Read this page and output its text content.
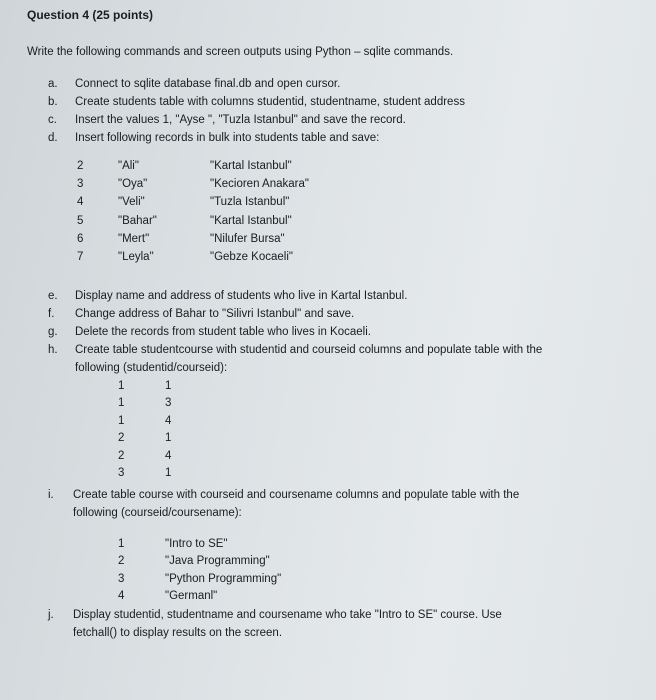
Question 4 (25 points)
Write the following commands and screen outputs using Python – sqlite commands.
a. Connect to sqlite database final.db and open cursor.
b. Create students table with columns studentid, studentname, student address
c. Insert the values 1, "Ayse ", "Tuzla Istanbul" and save the record.
d. Insert following records in bulk into students table and save:
2	"Ali"	"Kartal Istanbul"
3	"Oya"	"Kecioren Anakara"
4	"Veli"	"Tuzla Istanbul"
5	"Bahar"	"Kartal Istanbul"
6	"Mert"	"Nilufer Bursa"
7	"Leyla"	"Gebze Kocaeli"
e. Display name and address of students who live in Kartal Istanbul.
f. Change address of Bahar to "Silivri Istanbul" and save.
g. Delete the records from student table who lives in Kocaeli.
h. Create table studentcourse with studentid and courseid columns and populate table with the
following (studentid/courseid):
1	1
1	3
1	4
2	1
2	4
3	1
i. Create table course with courseid and coursename columns and populate table with the
following (courseid/coursename):
1	"Intro to SE"
2	"Java Programming"
3	"Python Programming"
4	"Germanl"
j. Display studentid, studentname and coursename who take "Intro to SE" course. Use
fetchall() to display results on the screen.
